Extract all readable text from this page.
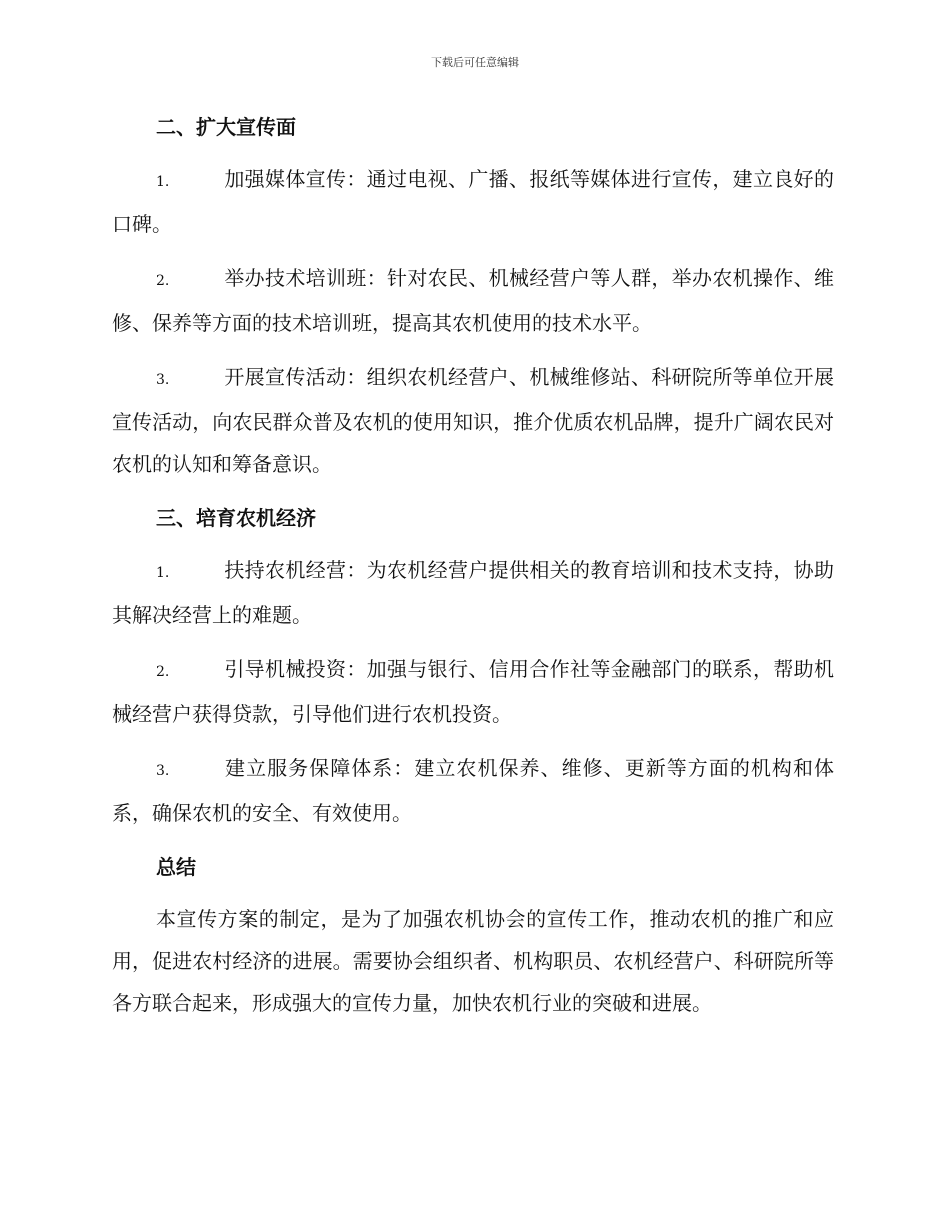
下载后可任意编辑
二、扩大宣传面

1.	加强媒体宣传：通过电视、广播、报纸等媒体进行宣传，建立良好的口碑。

2.	举办技术培训班：针对农民、机械经营户等人群，举办农机操作、维修、保养等方面的技术培训班，提高其农机使用的技术水平。

3.	开展宣传活动：组织农机经营户、机械维修站、科研院所等单位开展宣传活动，向农民群众普及农机的使用知识，推介优质农机品牌，提升广阔农民对农机的认知和筹备意识。

三、培育农机经济

1.	扶持农机经营：为农机经营户提供相关的教育培训和技术支持，协助其解决经营上的难题。

2.	引导机械投资：加强与银行、信用合作社等金融部门的联系，帮助机械经营户获得贷款，引导他们进行农机投资。

3.	建立服务保障体系：建立农机保养、维修、更新等方面的机构和体系，确保农机的安全、有效使用。

总结

本宣传方案的制定，是为了加强农机协会的宣传工作，推动农机的推广和应用，促进农村经济的进展。需要协会组织者、机构职员、农机经营户、科研院所等各方联合起来，形成强大的宣传力量，加快农机行业的突破和进展。
